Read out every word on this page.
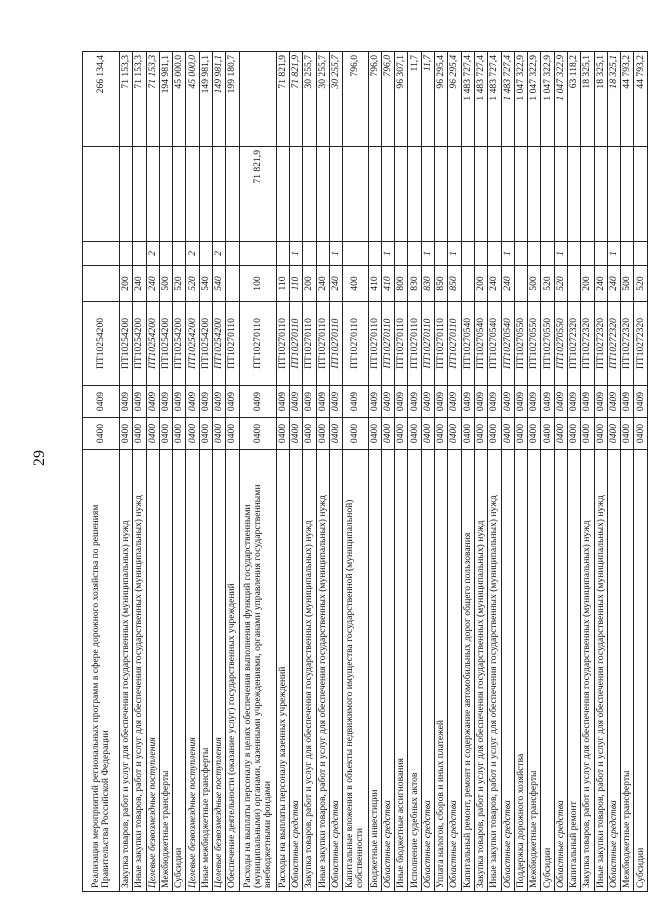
29
Реализация мероприятий региональных программ в сфере дорожного хозяйства по решениям Правительства Российской Федерации	0400	0409	ПТ10254200				266 134,4
Закупка товаров, работ и услуг для обеспечения государственных (муниципальных) нужд	0400	0409	ПТ10254200	200			71 153,3
Иные закупки товаров, работ и услуг для обеспечения государственных (муниципальных) нужд	0400	0409	ПТ10254200	240			71 153,3
Целевые безвозмездные поступления	0400	0409	ПТ10254200	240	2		71 153,3
Межбюджетные трансферты	0400	0409	ПТ10254200	500			194 981,1
Субсидии	0400	0409	ПТ10254200	520			45 000,0
Целевые безвозмездные поступления	0400	0409	ПТ10254200	520	2		45 000,0
Иные межбюджетные трансферты	0400	0409	ПТ10254200	540			149 981,1
Целевые безвозмездные поступления	0400	0409	ПТ10254200	540	2		149 981,1
Обеспечение деятельности (оказание услуг) государственных учреждений	0400	0409	ПТ10270110				199 180,7
Расходы на выплаты персоналу в целях обеспечения выполнения функций государственными (муниципальными) органами, казенными учреждениями, органами управления государственными внебюджетными фондами	0400	0409	ПТ10270110	100		71 821,9	
Расходы на выплаты персоналу казенных учреждений	0400	0409	ПТ10270110	110			71 821,9
Областные средства	0400	0409	ПТ10270110	110	1		71 821,9
Закупка товаров, работ и услуг для обеспечения государственных (муниципальных) нужд	0400	0409	ПТ10270110	200			30 255,7
Иные закупки товаров, работ и услуг для обеспечения государственных (муниципальных) нужд	0400	0409	ПТ10270110	240			30 255,7
Областные средства	0400	0409	ПТ10270110	240	1		30 255,7
Капитальные вложения в объекты недвижимого имущества государственной (муниципальной) собственности	0400	0409	ПТ10270110	400			796,0
Бюджетные инвестиции	0400	0409	ПТ10270110	410			796,0
Областные средства	0400	0409	ПТ10270110	410	1		796,0
Иные бюджетные ассигнования	0400	0409	ПТ10270110	800			96 307,1
Исполнение судебных актов	0400	0409	ПТ10270110	830			11,7
Областные средства	0400	0409	ПТ10270110	830	1		11,7
Уплата налогов, сборов и иных платежей	0400	0409	ПТ10270110	850			96 295,4
Областные средства	0400	0409	ПТ10270110	850	1		96 295,4
Капитальный ремонт, ремонт и содержание автомобильных дорог общего пользования	0400	0409	ПТ10270540				1 483 727,4
Закупка товаров, работ и услуг для обеспечения государственных (муниципальных) нужд	0400	0409	ПТ10270540	200			1 483 727,4
Иные закупки товаров, работ и услуг для обеспечения государственных (муниципальных) нужд	0400	0409	ПТ10270540	240			1 483 727,4
Областные средства	0400	0409	ПТ10270540	240	1		1 483 727,4
Поддержка дорожного хозяйства	0400	0409	ПТ10270550				1 047 322,9
Межбюджетные трансферты	0400	0409	ПТ10270550	500			1 047 322,9
Субсидии	0400	0409	ПТ10270550	520			1 047 322,9
Областные средства	0400	0409	ПТ10270550	520	1		1 047 322,9
Капитальный ремонт	0400	0409	ПТ10272320				63 118,2
Закупка товаров, работ и услуг для обеспечения государственных (муниципальных) нужд	0400	0409	ПТ10272320	200			18 325,1
Иные закупки товаров, работ и услуг для обеспечения государственных (муниципальных) нужд	0400	0409	ПТ10272320	240			18 325,1
Областные средства	0400	0409	ПТ10272320	240	1		18 325,1
Межбюджетные трансферты	0400	0409	ПТ10272320	500			44 793,2
Субсидии	0400	0409	ПТ10272320	520			44 793,2
